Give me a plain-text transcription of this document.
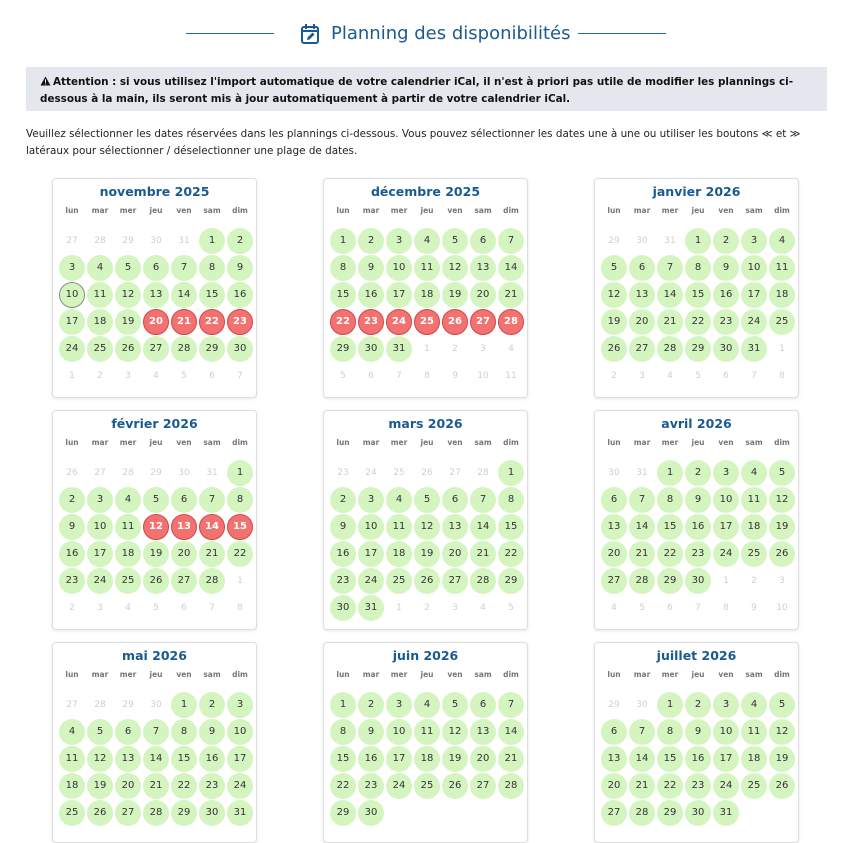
Planning des disponibilités
Attention : si vous utilisez l'import automatique de votre calendrier iCal, il n'est à priori pas utile de modifier les plannings ci-dessous à la main, ils seront mis à jour automatiquement à partir de votre calendrier iCal.
Veuillez sélectionner les dates réservées dans les plannings ci-dessous. Vous pouvez sélectionner les dates une à une ou utiliser les boutons ≪ et ≫ latéraux pour sélectionner / déselectionner une plage de dates.
novembre 2025
lun	mar	mer	jeu	ven	sam	dim
27	28	29	30	31	1	2
3	4	5	6	7	8	9
10	11	12	13	14	15	16
17	18	19	20	21	22	23
24	25	26	27	28	29	30
1	2	3	4	5	6	7
décembre 2025
lun	mar	mer	jeu	ven	sam	dim
1	2	3	4	5	6	7
8	9	10	11	12	13	14
15	16	17	18	19	20	21
22	23	24	25	26	27	28
29	30	31	1	2	3	4
5	6	7	8	9	10	11
janvier 2026
lun	mar	mer	jeu	ven	sam	dim
29	30	31	1	2	3	4
5	6	7	8	9	10	11
12	13	14	15	16	17	18
19	20	21	22	23	24	25
26	27	28	29	30	31	1
2	3	4	5	6	7	8
février 2026
lun	mar	mer	jeu	ven	sam	dim
26	27	28	29	30	31	1
2	3	4	5	6	7	8
9	10	11	12	13	14	15
16	17	18	19	20	21	22
23	24	25	26	27	28	1
2	3	4	5	6	7	8
mars 2026
lun	mar	mer	jeu	ven	sam	dim
23	24	25	26	27	28	1
2	3	4	5	6	7	8
9	10	11	12	13	14	15
16	17	18	19	20	21	22
23	24	25	26	27	28	29
30	31	1	2	3	4	5
avril 2026
lun	mar	mer	jeu	ven	sam	dim
30	31	1	2	3	4	5
6	7	8	9	10	11	12
13	14	15	16	17	18	19
20	21	22	23	24	25	26
27	28	29	30	1	2	3
4	5	6	7	8	9	10
mai 2026
lun	mar	mer	jeu	ven	sam	dim
27	28	29	30	1	2	3
4	5	6	7	8	9	10
11	12	13	14	15	16	17
18	19	20	21	22	23	24
25	26	27	28	29	30	31
juin 2026
lun	mar	mer	jeu	ven	sam	dim
1	2	3	4	5	6	7
8	9	10	11	12	13	14
15	16	17	18	19	20	21
22	23	24	25	26	27	28
29	30
juillet 2026
lun	mar	mer	jeu	ven	sam	dim
29	30	1	2	3	4	5
6	7	8	9	10	11	12
13	14	15	16	17	18	19
20	21	22	23	24	25	26
27	28	29	30	31
